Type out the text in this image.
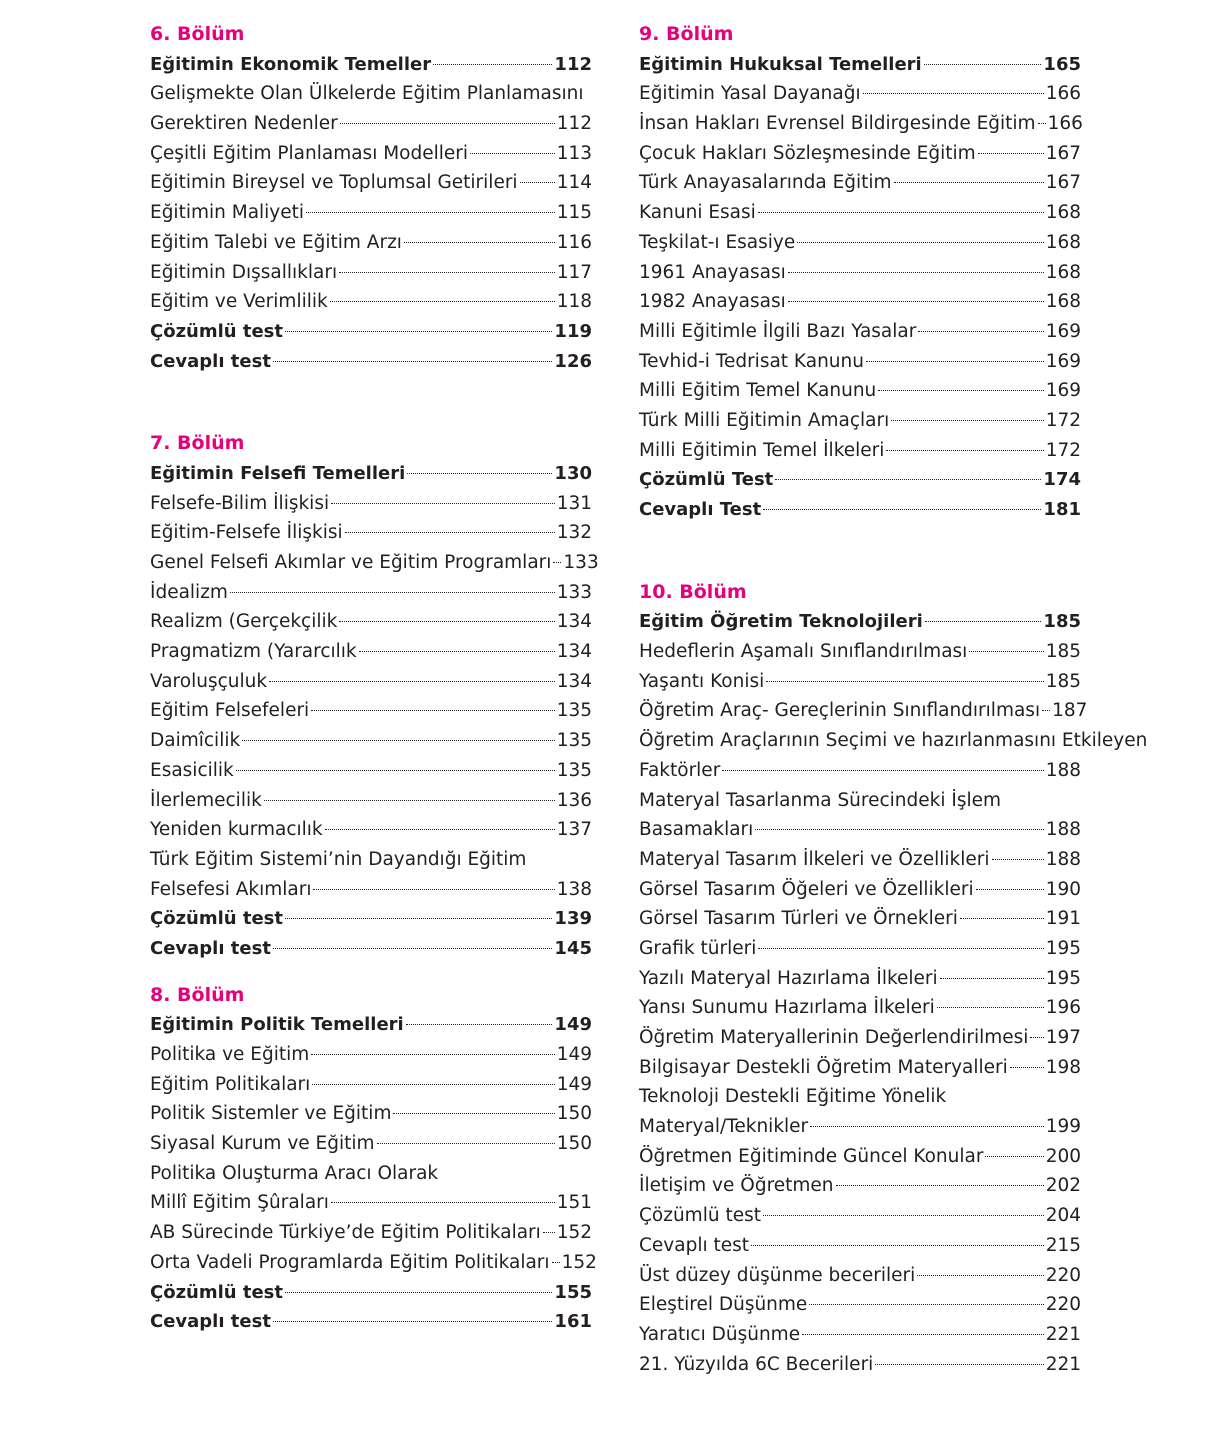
6. Bölüm
Eğitimin Ekonomik Temeller	112
Gelişmekte Olan Ülkelerde Eğitim Planlamasını
Gerektiren Nedenler	112
Çeşitli Eğitim Planlaması Modelleri	113
Eğitimin Bireysel ve Toplumsal Getirileri 114
Eğitimin Maliyeti	115
Eğitim Talebi ve Eğitim Arzı	116
Eğitimin Dışsallıkları	117
Eğitim ve Verimlilik	118
Çözümlü test	119
Cevaplı test	126
7. Bölüm
Eğitimin Felsefi Temelleri	130
Felsefe-Bilim İlişkisi	131
Eğitim-Felsefe İlişkisi	132
Genel Felsefi Akımlar ve Eğitim Programları 133
İdealizm	133
Realizm (Gerçekçilik	134
Pragmatizm (Yararcılık	134
Varoluşçuluk	134
Eğitim Felsefeleri	135
Daimîcilik	135
Esasicilik	135
İlerlemecilik	136
Yeniden kurmacılık	137
Türk Eğitim Sistemi’nin Dayandığı Eğitim
Felsefesi Akımları	138
Çözümlü test	139
Cevaplı test	145
8. Bölüm
Eğitimin Politik Temelleri	149
Politika ve Eğitim	149
Eğitim Politikaları	149
Politik Sistemler ve Eğitim	150
Siyasal Kurum ve Eğitim	150
Politika Oluşturma Aracı Olarak
Millî Eğitim Şûraları	151
AB Sürecinde Türkiye’de Eğitim Politikaları 152
Orta Vadeli Programlarda Eğitim Politikaları 152
Çözümlü test	155
Cevaplı test	161
9. Bölüm
Eğitimin Hukuksal Temelleri	165
Eğitimin Yasal Dayanağı	166
İnsan Hakları Evrensel Bildirgesinde Eğitim 166
Çocuk Hakları Sözleşmesinde Eğitim	167
Türk Anayasalarında Eğitim	167
Kanuni Esasi	168
Teşkilat-ı Esasiye	168
1961 Anayasası	168
1982 Anayasası	168
Milli Eğitimle İlgili Bazı Yasalar	169
Tevhid-i Tedrisat Kanunu	169
Milli Eğitim Temel Kanunu	169
Türk Milli Eğitimin Amaçları	172
Milli Eğitimin Temel İlkeleri	172
Çözümlü Test	174
Cevaplı Test	181
10. Bölüm
Eğitim Öğretim Teknolojileri	185
Hedeflerin Aşamalı Sınıflandırılması	185
Yaşantı Konisi	185
Öğretim Araç- Gereçlerinin Sınıflandırılması 187
Öğretim Araçlarının Seçimi ve hazırlanmasını Etkileyen
Faktörler	188
Materyal Tasarlanma Sürecindeki İşlem
Basamakları	188
Materyal Tasarım İlkeleri ve Özellikleri	188
Görsel Tasarım Öğeleri ve Özellikleri	190
Görsel Tasarım Türleri ve Örnekleri	191
Grafik türleri	195
Yazılı Materyal Hazırlama İlkeleri	195
Yansı Sunumu Hazırlama İlkeleri	196
Öğretim Materyallerinin Değerlendirilmesi 197
Bilgisayar Destekli Öğretim Materyalleri 198
Teknoloji Destekli Eğitime Yönelik
Materyal/Teknikler	199
Öğretmen Eğitiminde Güncel Konular	200
İletişim ve Öğretmen	202
Çözümlü test	204
Cevaplı test	215
Üst düzey düşünme becerileri	220
Eleştirel Düşünme	220
Yaratıcı Düşünme	221
21. Yüzyılda 6C Becerileri	221
